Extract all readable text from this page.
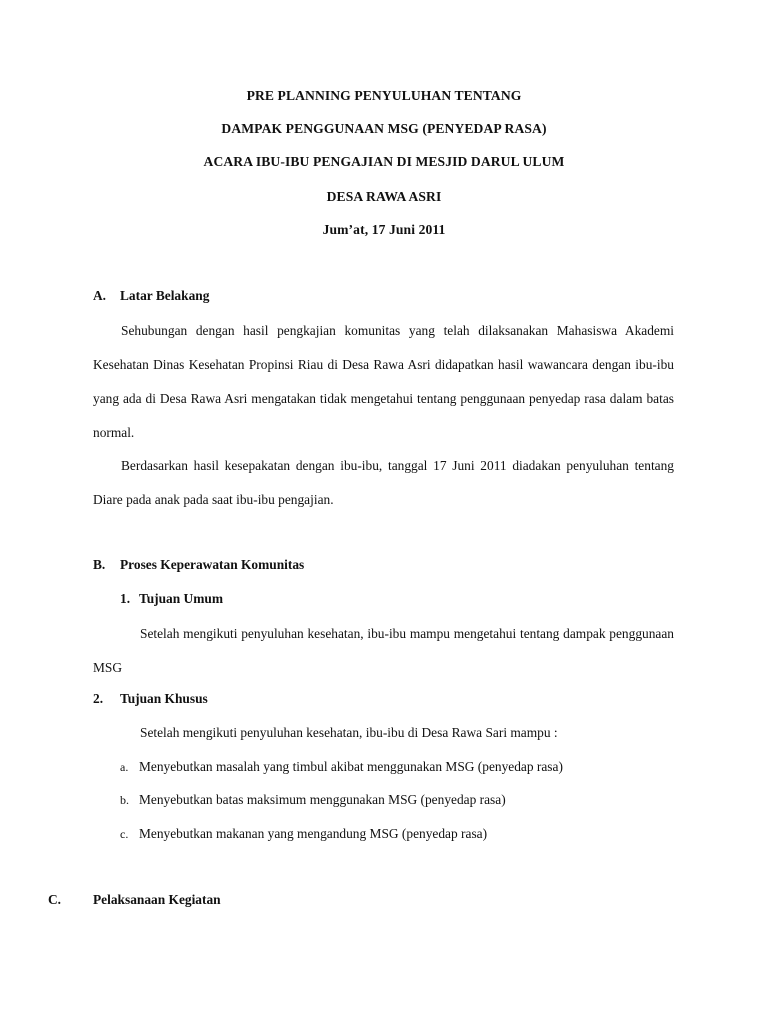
PRE PLANNING PENYULUHAN TENTANG
DAMPAK PENGGUNAAN MSG (PENYEDAP RASA)
ACARA IBU-IBU PENGAJIAN DI MESJID DARUL ULUM
DESA RAWA ASRI
Jum’at, 17 Juni 2011
A. Latar Belakang
Sehubungan dengan hasil pengkajian komunitas yang telah dilaksanakan Mahasiswa Akademi Kesehatan Dinas Kesehatan Propinsi Riau di Desa Rawa Asri didapatkan hasil wawancara dengan ibu-ibu yang ada di Desa Rawa Asri mengatakan tidak mengetahui tentang penggunaan penyedap rasa dalam batas normal.
Berdasarkan hasil kesepakatan dengan ibu-ibu, tanggal 17 Juni 2011 diadakan penyuluhan tentang Diare pada anak pada saat ibu-ibu pengajian.
B. Proses Keperawatan Komunitas
1. Tujuan Umum
Setelah mengikuti penyuluhan kesehatan, ibu-ibu mampu mengetahui tentang dampak penggunaan MSG
2. Tujuan Khusus
Setelah mengikuti penyuluhan kesehatan, ibu-ibu di Desa Rawa Sari mampu :
a. Menyebutkan masalah yang timbul akibat menggunakan MSG (penyedap rasa)
b. Menyebutkan batas maksimum menggunakan MSG (penyedap rasa)
c. Menyebutkan makanan yang mengandung MSG (penyedap rasa)
C. Pelaksanaan Kegiatan
